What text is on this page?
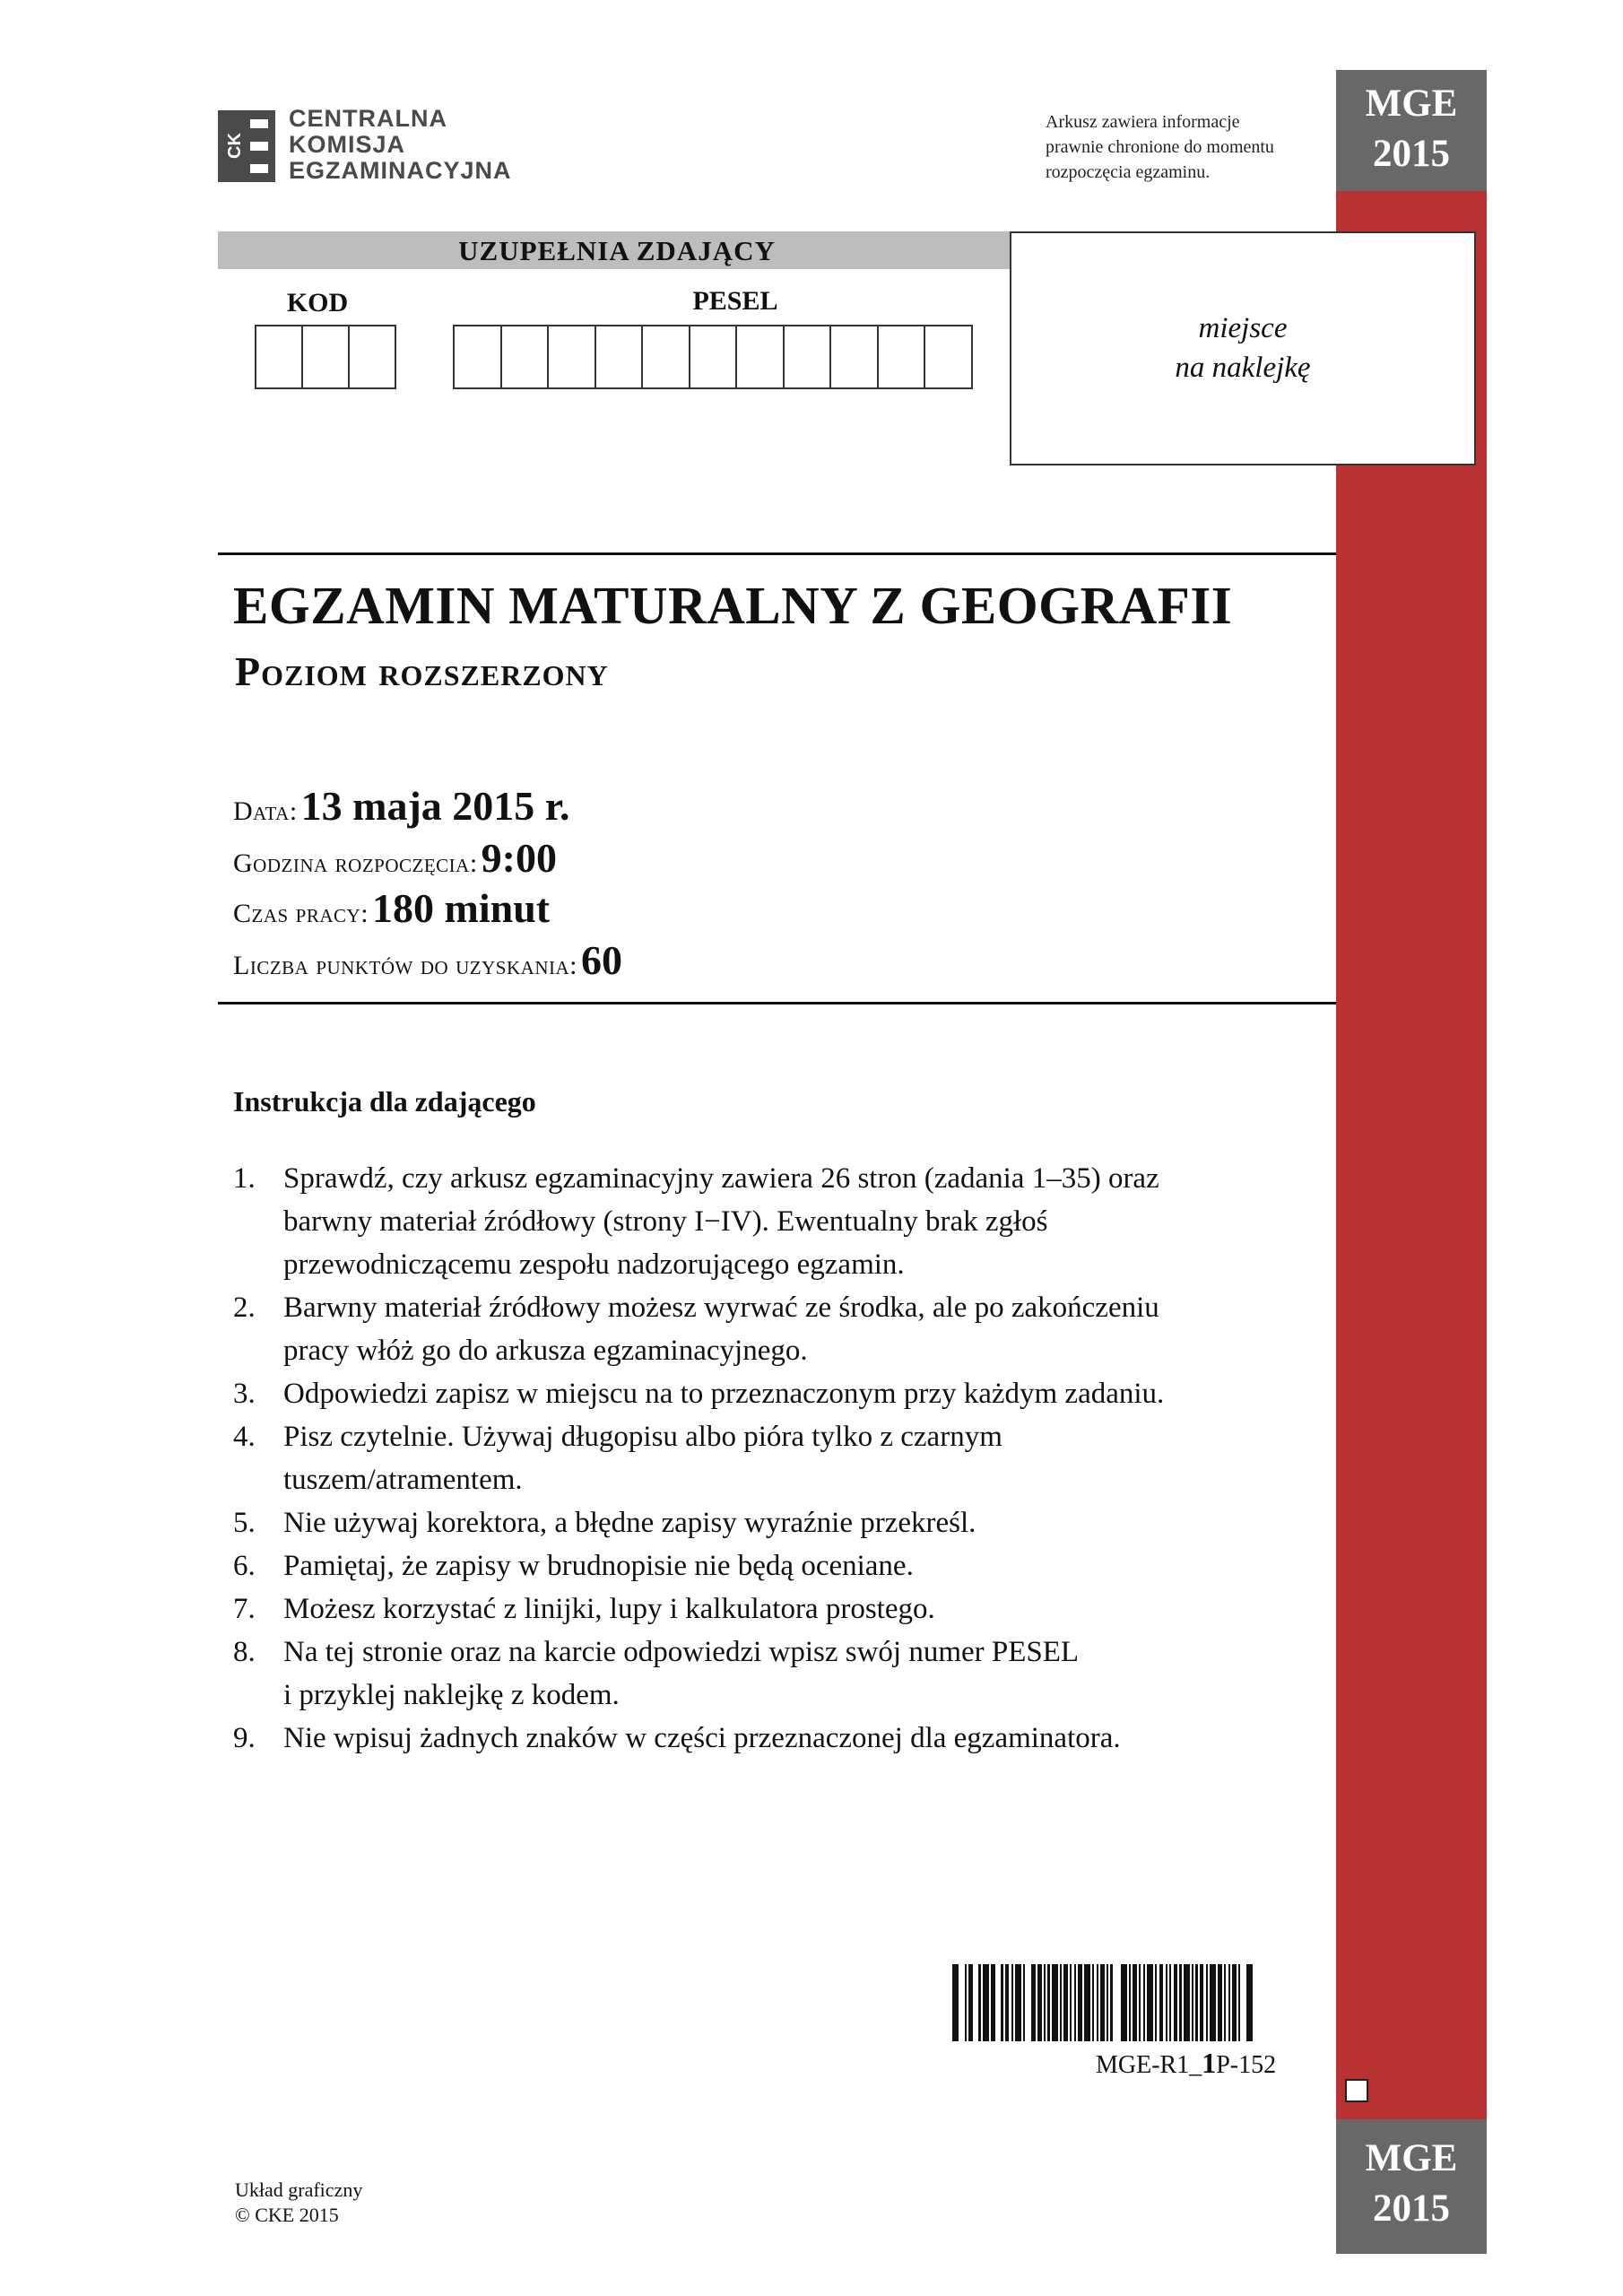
CK
CENTRALNA
KOMISJA
EGZAMINACYJNA
Arkusz zawiera informacje
prawnie chronione do momentu
rozpoczęcia egzaminu.
MGE
2015
MGE
2015
UZUPEŁNIA ZDAJĄCY
KOD	PESEL
miejsce
na naklejkę
EGZAMIN MATURALNY Z GEOGRAFII
Poziom rozszerzony
Data: 13 maja 2015 r.
Godzina rozpoczęcia: 9:00
Czas pracy: 180 minut
Liczba punktów do uzyskania: 60
Instrukcja dla zdającego
1. Sprawdź, czy arkusz egzaminacyjny zawiera 26 stron (zadania 1–35) oraz
barwny materiał źródłowy (strony I−IV). Ewentualny brak zgłoś
przewodniczącemu zespołu nadzorującego egzamin.
2. Barwny materiał źródłowy możesz wyrwać ze środka, ale po zakończeniu
pracy włóż go do arkusza egzaminacyjnego.
3. Odpowiedzi zapisz w miejscu na to przeznaczonym przy każdym zadaniu.
4. Pisz czytelnie. Używaj długopisu albo pióra tylko z czarnym
tuszem/atramentem.
5. Nie używaj korektora, a błędne zapisy wyraźnie przekreśl.
6. Pamiętaj, że zapisy w brudnopisie nie będą oceniane.
7. Możesz korzystać z linijki, lupy i kalkulatora prostego.
8. Na tej stronie oraz na karcie odpowiedzi wpisz swój numer PESEL
i przyklej naklejkę z kodem.
9. Nie wpisuj żadnych znaków w części przeznaczonej dla egzaminatora.
MGE-R1_1P-152
Układ graficzny
© CKE 2015
